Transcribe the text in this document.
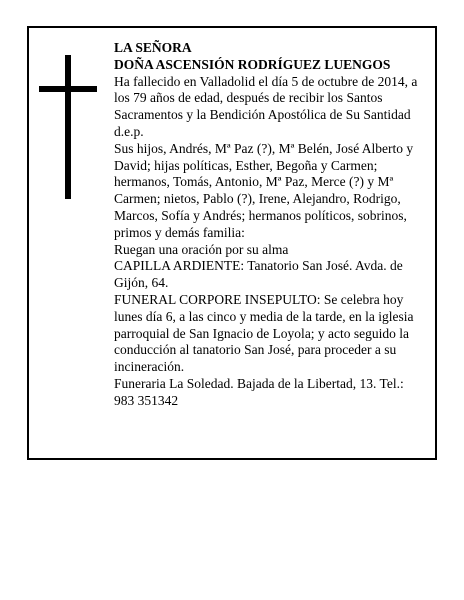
LA SEÑORA

DOÑA ASCENSIÓN RODRÍGUEZ LUENGOS

Ha fallecido en Valladolid el día 5 de octubre de 2014, a los 79 años de edad, después de recibir los Santos Sacramentos y la Bendición Apostólica de Su Santidad d.e.p.

Sus hijos, Andrés, Mª Paz (?), Mª Belén, José Alberto y David; hijas políticas, Esther, Begoña y Carmen; hermanos, Tomás, Antonio, Mª Paz, Merce (?) y Mª Carmen; nietos, Pablo (?), Irene, Alejandro, Rodrigo, Marcos, Sofía y Andrés; hermanos políticos, sobrinos, primos y demás familia:

Ruegan una oración por su alma

CAPILLA ARDIENTE: Tanatorio San José. Avda. de Gijón, 64.

FUNERAL CORPORE INSEPULTO: Se celebra hoy lunes día 6, a las cinco y media de la tarde, en la iglesia parroquial de San Ignacio de Loyola; y acto seguido la conducción al tanatorio San José, para proceder a su incineración.

Funeraria La Soledad. Bajada de la Libertad, 13. Tel.: 983 351342
